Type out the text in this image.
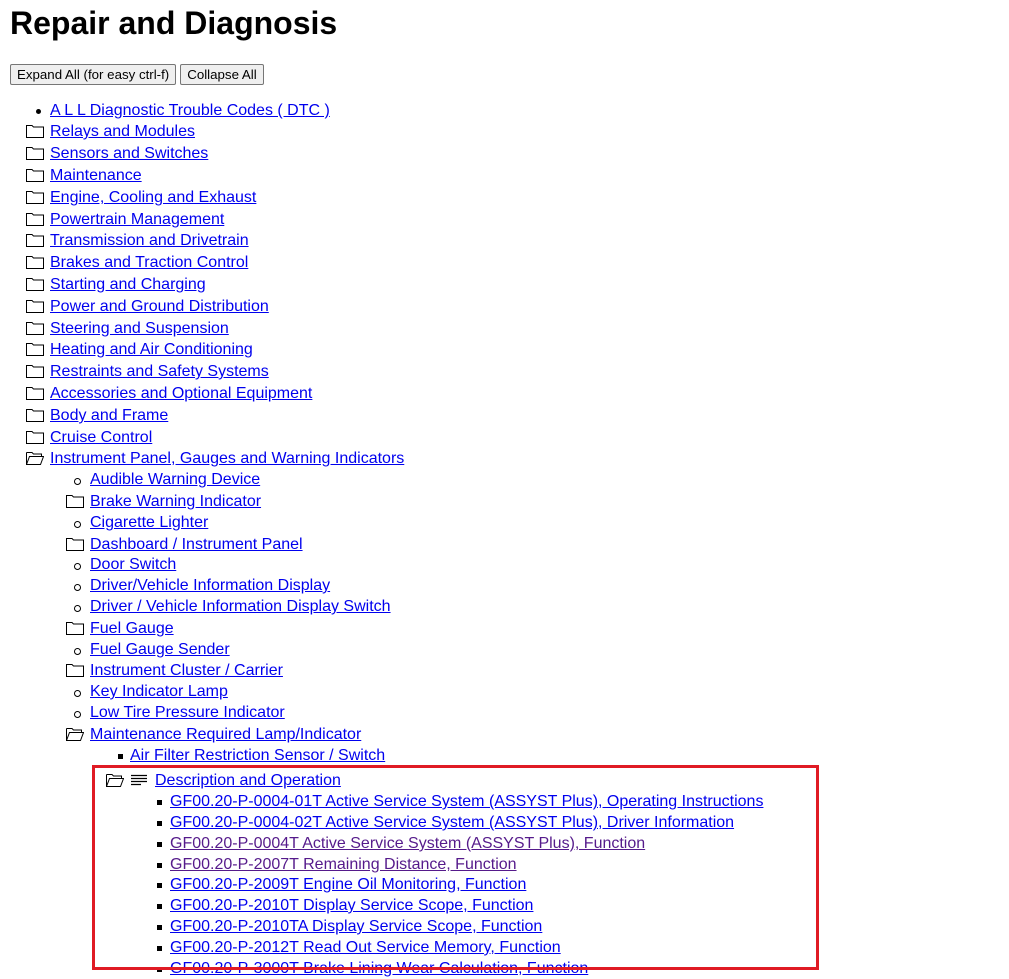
Repair and Diagnosis
Expand All (for easy ctrl-f)	Collapse All
A L L Diagnostic Trouble Codes ( DTC )
Relays and Modules
Sensors and Switches
Maintenance
Engine, Cooling and Exhaust
Powertrain Management
Transmission and Drivetrain
Brakes and Traction Control
Starting and Charging
Power and Ground Distribution
Steering and Suspension
Heating and Air Conditioning
Restraints and Safety Systems
Accessories and Optional Equipment
Body and Frame
Cruise Control
Instrument Panel, Gauges and Warning Indicators
Audible Warning Device
Brake Warning Indicator
Cigarette Lighter
Dashboard / Instrument Panel
Door Switch
Driver/Vehicle Information Display
Driver / Vehicle Information Display Switch
Fuel Gauge
Fuel Gauge Sender
Instrument Cluster / Carrier
Key Indicator Lamp
Low Tire Pressure Indicator
Maintenance Required Lamp/Indicator
Air Filter Restriction Sensor / Switch
Description and Operation
GF00.20-P-0004-01T Active Service System (ASSYST Plus), Operating Instructions
GF00.20-P-0004-02T Active Service System (ASSYST Plus), Driver Information
GF00.20-P-0004T Active Service System (ASSYST Plus), Function
GF00.20-P-2007T Remaining Distance, Function
GF00.20-P-2009T Engine Oil Monitoring, Function
GF00.20-P-2010T Display Service Scope, Function
GF00.20-P-2010TA Display Service Scope, Function
GF00.20-P-2012T Read Out Service Memory, Function
GF00.20-P-3000T Brake Lining Wear Calculation, Function
